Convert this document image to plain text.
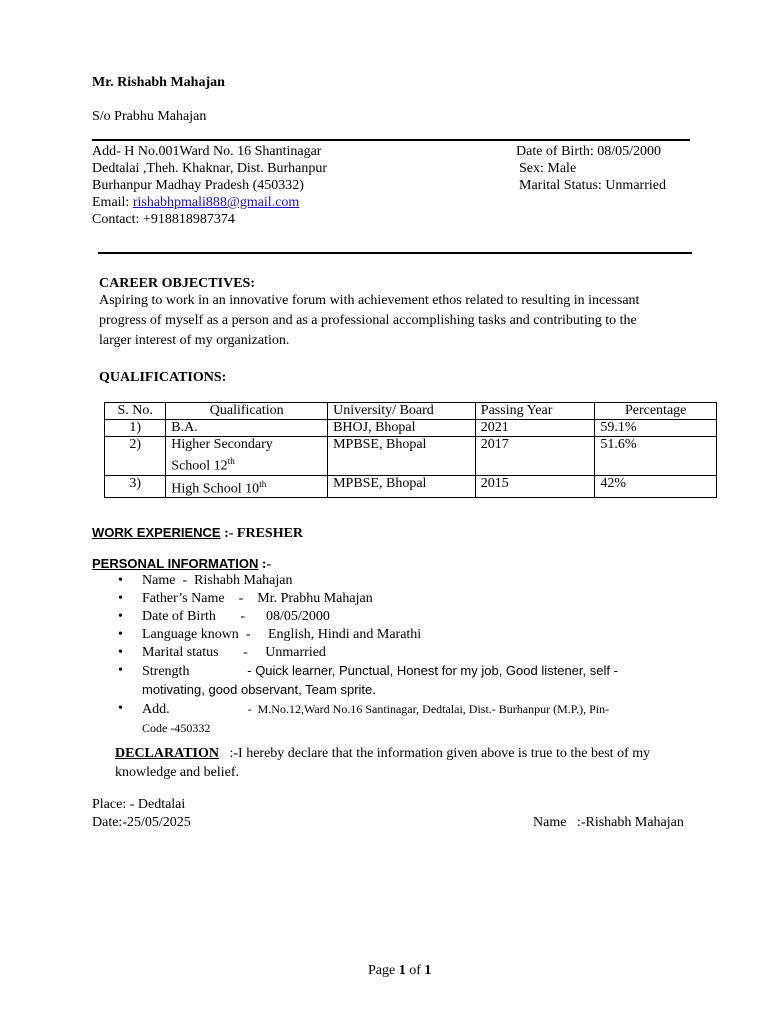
Mr. Rishabh Mahajan
S/o Prabhu Mahajan
Add- H No.001Ward No. 16 Shantinagar
Dedtalai ,Theh. Khaknar, Dist. Burhanpur
Burhanpur Madhay Pradesh (450332)
Email: rishabhpmali888@gmail.com
Contact: +918818987374
Date of Birth: 08/05/2000
Sex: Male
Marital Status: Unmarried
CAREER OBJECTIVES:
Aspiring to work in an innovative forum with achievement ethos related to resulting in incessant
progress of myself as a person and as a professional accomplishing tasks and contributing to the
larger interest of my organization.
QUALIFICATIONS:
S. No.	Qualification	University/ Board	Passing Year	Percentage
1)	B.A.	BHOJ, Bhopal	2021	59.1%
2)	Higher Secondary
School 12th	MPBSE, Bhopal	2017	51.6%
3)	High School 10th	MPBSE, Bhopal	2015	42%
WORK EXPERIENCE :- FRESHER
PERSONAL INFORMATION :-
• Name  -  Rishabh Mahajan
• Father’s Name    -    Mr. Prabhu Mahajan
• Date of Birth       -      08/05/2000
• Language known  -     English, Hindi and Marathi
• Marital status       -     Unmarried
• Strength                - Quick learner, Punctual, Honest for my job, Good listener, self -
motivating, good observant, Team sprite.
• Add.                          -  M.No.12,Ward No.16 Santinagar, Dedtalai, Dist.- Burhanpur (M.P.), Pin-
Code -450332
DECLARATION   :-I hereby declare that the information given above is true to the best of my
knowledge and belief.
Place: - Dedtalai
Date:-25/05/2025	Name   :-Rishabh Mahajan
Page 1 of 1
